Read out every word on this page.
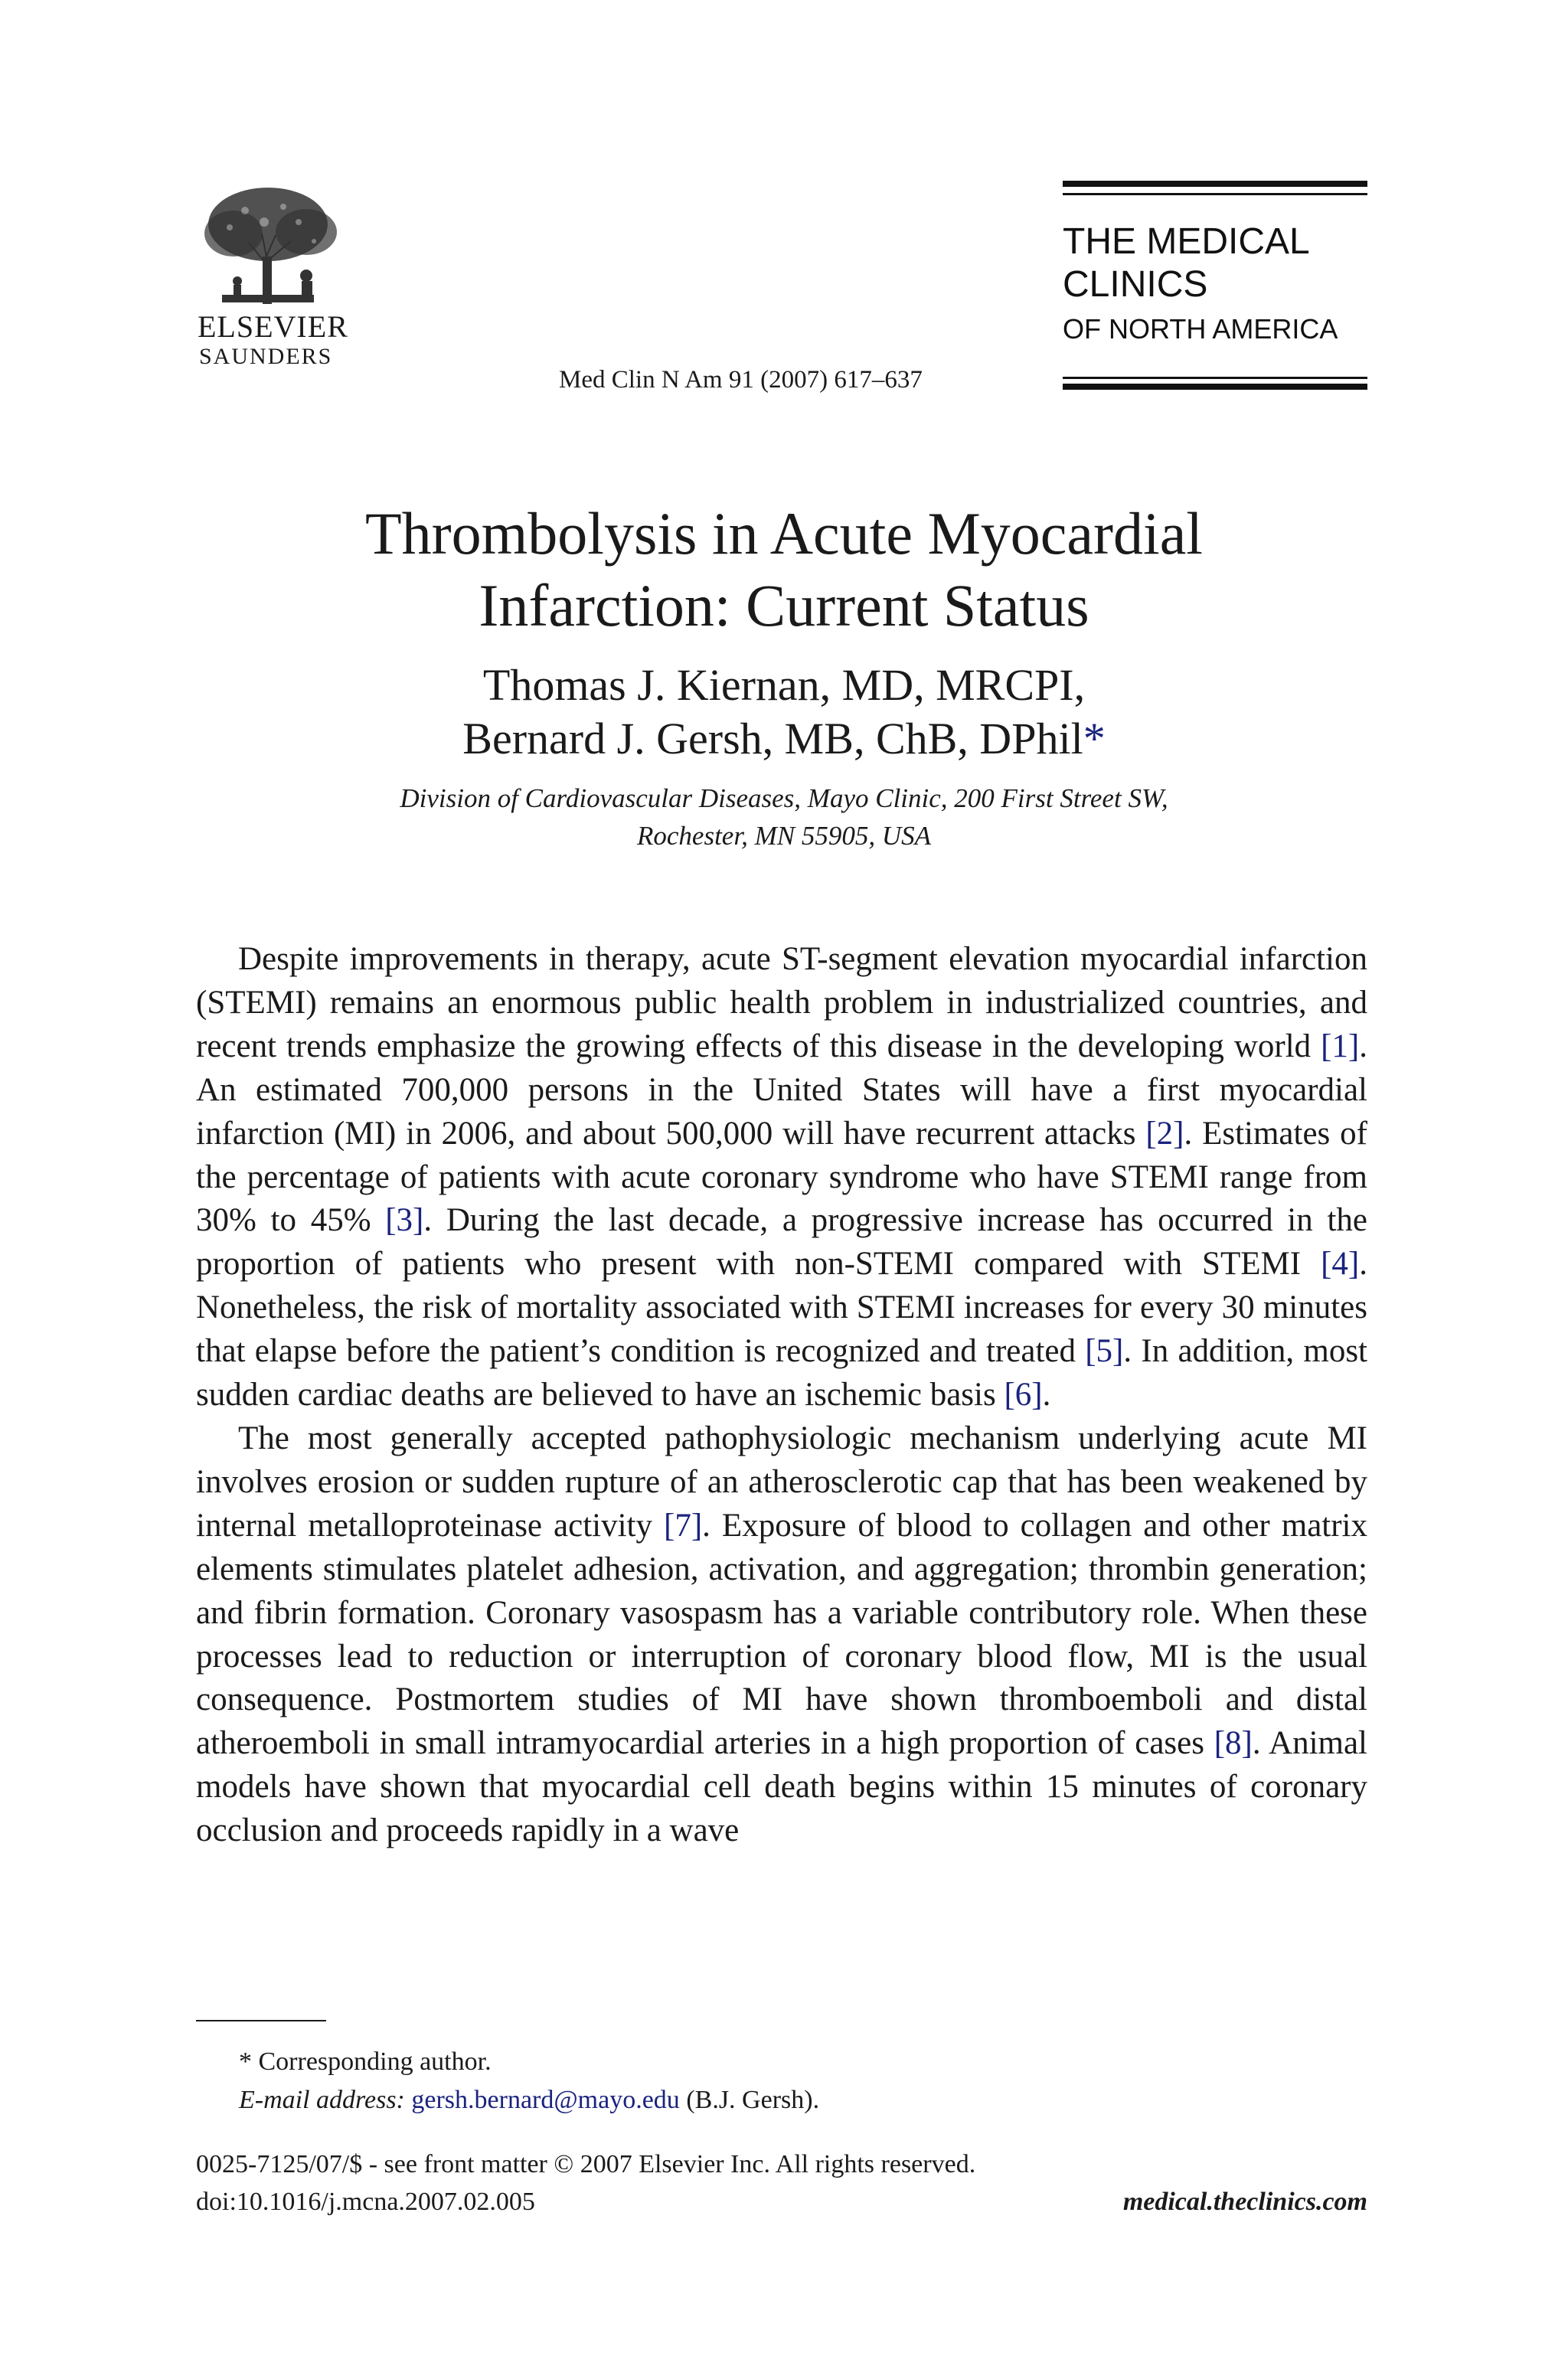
ELSEVIER
SAUNDERS
Med Clin N Am 91 (2007) 617–637
THE MEDICAL
CLINICS
OF NORTH AMERICA
Thrombolysis in Acute Myocardial
Infarction: Current Status
Thomas J. Kiernan, MD, MRCPI,
Bernard J. Gersh, MB, ChB, DPhil*
Division of Cardiovascular Diseases, Mayo Clinic, 200 First Street SW,
Rochester, MN 55905, USA

Despite improvements in therapy, acute ST-segment elevation myocardial infarction (STEMI) remains an enormous public health problem in industrialized countries, and recent trends emphasize the growing effects of this disease in the developing world [1]. An estimated 700,000 persons in the United States will have a first myocardial infarction (MI) in 2006, and about 500,000 will have recurrent attacks [2]. Estimates of the percentage of patients with acute coronary syndrome who have STEMI range from 30% to 45% [3]. During the last decade, a progressive increase has occurred in the proportion of patients who present with non-STEMI compared with STEMI [4]. Nonetheless, the risk of mortality associated with STEMI increases for every 30 minutes that elapse before the patient’s condition is recognized and treated [5]. In addition, most sudden cardiac deaths are believed to have an ischemic basis [6].

The most generally accepted pathophysiologic mechanism underlying acute MI involves erosion or sudden rupture of an atherosclerotic cap that has been weakened by internal metalloproteinase activity [7]. Exposure of blood to collagen and other matrix elements stimulates platelet adhesion, activation, and aggregation; thrombin generation; and fibrin formation. Coronary vasospasm has a variable contributory role. When these processes lead to reduction or interruption of coronary blood flow, MI is the usual consequence. Postmortem studies of MI have shown thromboemboli and distal atheroemboli in small intramyocardial arteries in a high proportion of cases [8]. Animal models have shown that myocardial cell death begins within 15 minutes of coronary occlusion and proceeds rapidly in a wave

* Corresponding author.
E-mail address: gersh.bernard@mayo.edu (B.J. Gersh).
0025-7125/07/$ - see front matter © 2007 Elsevier Inc. All rights reserved.
doi:10.1016/j.mcna.2007.02.005	medical.theclinics.com
